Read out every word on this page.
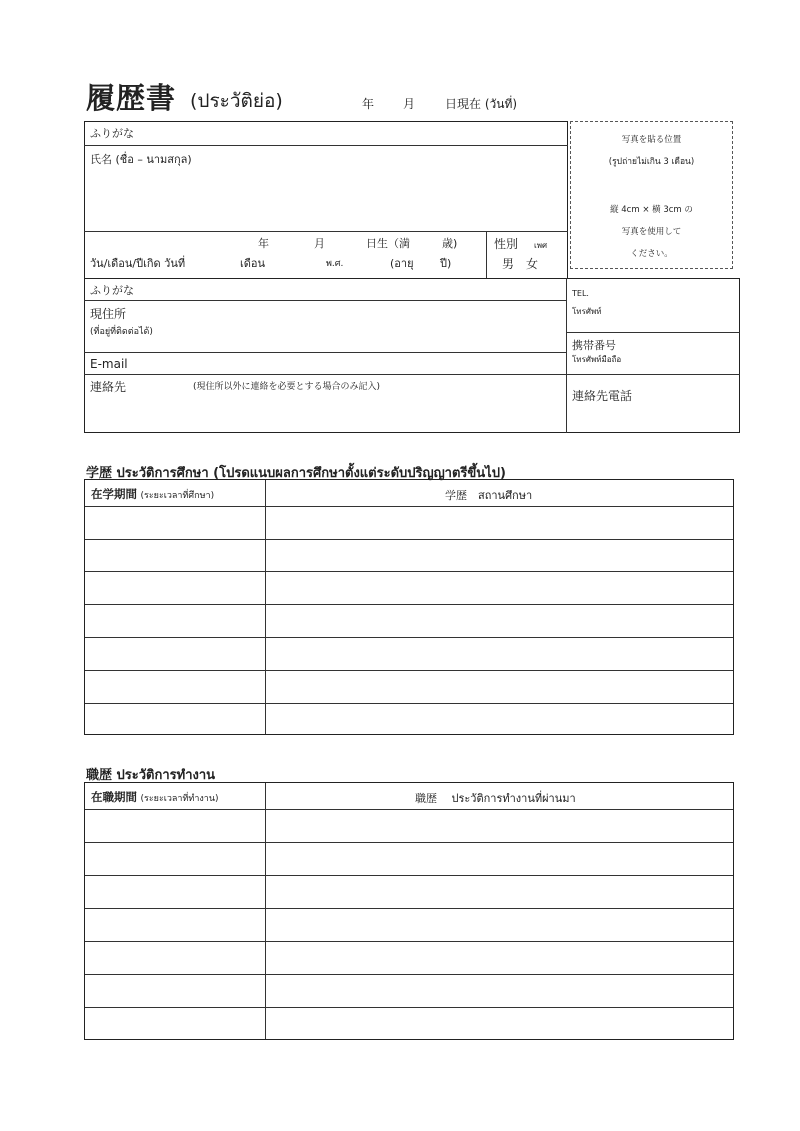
履歴書 (ประวัติย่อ)	年 月 日現在 (วันที่)
ふりがな
氏名 (ชื่อ – นามสกุล)
年	月	日生（満	歳)
วัน/เดือน/ปีเกิด วันที่	เดือน	พ.ศ.	(อายุ ปี)
性別 เพศ
男　女
写真を貼る位置
(รูปถ่ายไม่เกิน 3 เดือน)
縦 4cm × 横 3cm の
写真を使用して
ください。
ふりがな
現住所
(ที่อยู่ที่ติดต่อได้)
E-mail
連絡先	(現住所以外に連絡を必要とする場合のみ記入)
TEL.
โทรศัพท์
携帯番号
โทรศัพท์มือถือ
連絡先電話
学歴 ประวัติการศึกษา (โปรดแนบผลการศึกษาตั้งแต่ระดับปริญญาตรีขึ้นไป)
在学期間 (ระยะเวลาที่ศึกษา)	学歴　สถานศึกษา
職歴 ประวัติการทำงาน
在職期間 (ระยะเวลาที่ทำงาน)	職歴　 ประวัติการทำงานที่ผ่านมา
